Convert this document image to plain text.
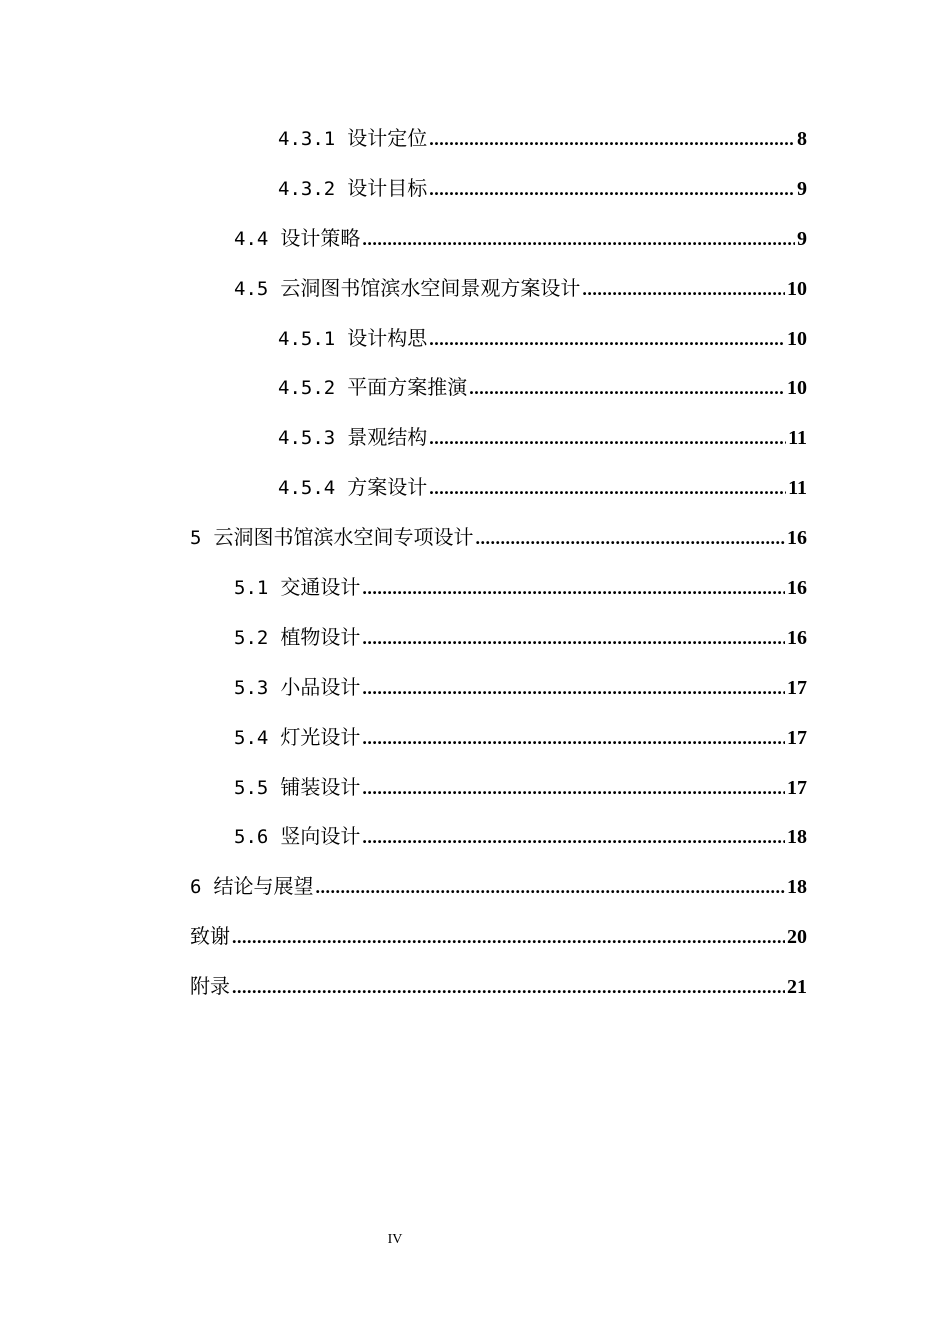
4.3.1 设计定位 .....	8
4.3.2 设计目标 .....	9
4.4 设计策略 .....	9
4.5 云洞图书馆滨水空间景观方案设计 .....	10
4.5.1 设计构思 .....	10
4.5.2 平面方案推演 .....	10
4.5.3 景观结构 .....	11
4.5.4 方案设计 .....	11
5 云洞图书馆滨水空间专项设计 .....	16
5.1 交通设计 .....	16
5.2 植物设计 .....	16
5.3 小品设计 .....	17
5.4 灯光设计 .....	17
5.5 铺装设计 .....	17
5.6 竖向设计 .....	18
6 结论与展望 .....	18
致谢 .....	20
附录 .....	21
IV
